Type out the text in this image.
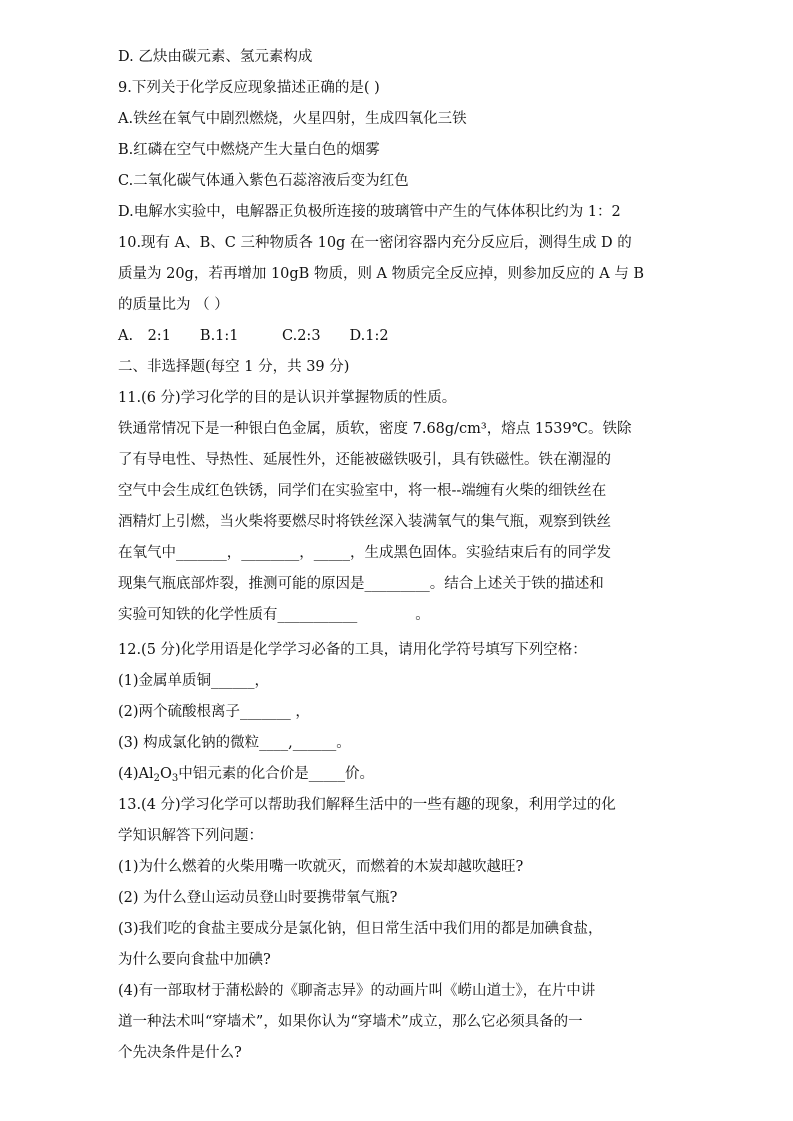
D. 乙炔由碳元素、氢元素构成
9.下列关于化学反应现象描述正确的是( )
A.铁丝在氧气中剧烈燃烧，火星四射，生成四氧化三铁
B.红磷在空气中燃烧产生大量白色的烟雾
C.二氧化碳气体通入紫色石蕊溶液后变为红色
D.电解水实验中，电解器正负极所连接的玻璃管中产生的气体体积比约为 1：2
10.现有 A、B、C 三种物质各 10g 在一密闭容器内充分反应后，测得生成 D 的
质量为 20g，若再增加 10gB 物质，则 A 物质完全反应掉，则参加反应的 A 与 B
的质量比为 （ ）
A.　2:1　　B.1:1　　　C.2:3　　D.1:2
二、非选择题(每空 1 分，共 39 分)
11.(6 分)学习化学的目的是认识并掌握物质的性质。
铁通常情况下是一种银白色金属，质软，密度 7.68g/cm³，熔点 1539℃。铁除
了有导电性、导热性、延展性外，还能被磁铁吸引，具有铁磁性。铁在潮湿的
空气中会生成红色铁锈，同学们在实验室中，将一根--端缠有火柴的细铁丝在
酒精灯上引燃，当火柴将要燃尽时将铁丝深入装满氧气的集气瓶，观察到铁丝
在氧气中_______，________，_____，生成黑色固体。实验结束后有的同学发
现集气瓶底部炸裂，推测可能的原因是_________。结合上述关于铁的描述和
实验可知铁的化学性质有___________　　　　。
12.(5 分)化学用语是化学学习必备的工具，请用化学符号填写下列空格：
(1)金属单质铜______，
(2)两个硫酸根离子_______ ，
(3) 构成氯化钠的微粒____,______。
$(4)Al_2O_3$中铝元素的化合价是_____价。
13.(4 分)学习化学可以帮助我们解释生活中的一些有趣的现象，利用学过的化
学知识解答下列问题：
(1)为什么燃着的火柴用嘴一吹就灭，而燃着的木炭却越吹越旺?
(2) 为什么登山运动员登山时要携带氧气瓶?
(3)我们吃的食盐主要成分是氯化钠，但日常生活中我们用的都是加碘食盐，
为什么要向食盐中加碘?
(4)有一部取材于蒲松龄的《聊斋志异》的动画片叫《崂山道士》，在片中讲
道一种法术叫“穿墙术”，如果你认为“穿墙术”成立，那么它必须具备的一
个先决条件是什么?
